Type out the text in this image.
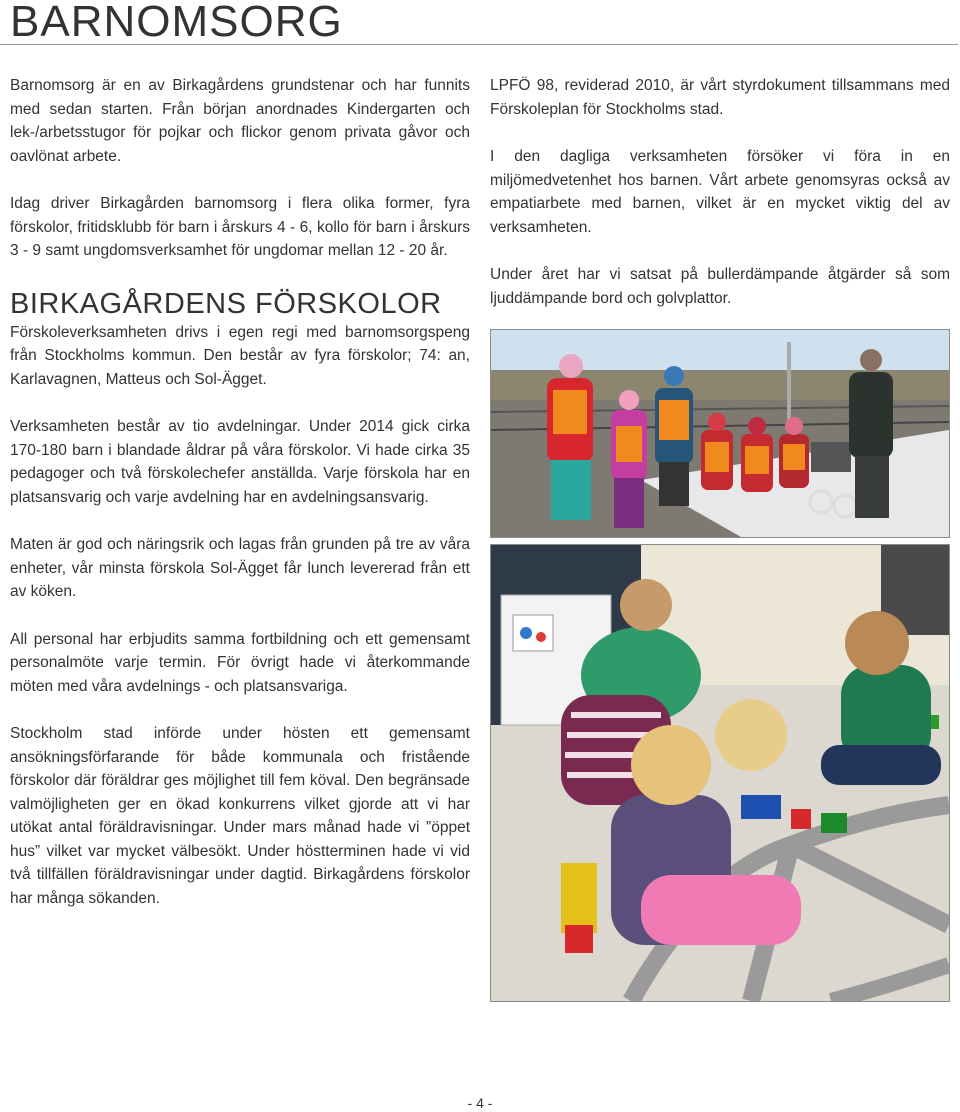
BARNOMSORG

Barnomsorg är en av Birkagårdens grundstenar och har funnits med sedan starten. Från början anordnades Kindergarten och lek-/arbetsstugor för pojkar och flickor genom privata gåvor och oavlönat arbete.

Idag driver Birkagården barnomsorg i flera olika former, fyra förskolor, fritidsklubb för barn i årskurs 4 - 6, kollo för barn i årskurs 3 - 9 samt ungdomsverksamhet för ungdomar mellan 12 - 20 år.

BIRKAGÅRDENS FÖRSKOLOR

Förskoleverksamheten drivs i egen regi med barnomsorgspeng från Stockholms kommun. Den består av fyra förskolor; 74: an, Karlavagnen, Matteus och Sol-Ägget.

Verksamheten består av tio avdelningar. Under 2014 gick cirka 170-180 barn i blandade åldrar på våra förskolor. Vi hade cirka 35 pedagoger och två förskolechefer anställda. Varje förskola har en platsansvarig och varje avdelning har en avdelningsansvarig.

Maten är god och näringsrik och lagas från grunden på tre av våra enheter, vår minsta förskola Sol-Ägget får lunch levererad från ett av köken.

All personal har erbjudits samma fortbildning och ett gemensamt personalmöte varje termin. För övrigt hade vi återkommande möten med våra avdelnings - och platsansvariga.

Stockholm stad införde under hösten ett gemensamt ansökningsförfarande för både kommunala och fristående förskolor där föräldrar ges möjlighet till fem köval. Den begränsade valmöjligheten ger en ökad konkurrens vilket gjorde att vi har utökat antal föräldravisningar. Under mars månad hade vi ”öppet hus” vilket var mycket välbesökt. Under höstterminen hade vi vid två tillfällen föräldravisningar under dagtid. Birkagårdens förskolor har många sökanden.

LPFÖ 98, reviderad 2010, är vårt styrdokument tillsammans med Förskoleplan för Stockholms stad.

I den dagliga verksamheten försöker vi föra in en miljömedvetenhet hos barnen. Vårt arbete genomsyras också av empatiarbete med barnen, vilket är en mycket viktig del av verksamheten.

Under året har vi satsat på bullerdämpande åtgärder så som ljuddämpande bord och golvplattor.

- 4 -
